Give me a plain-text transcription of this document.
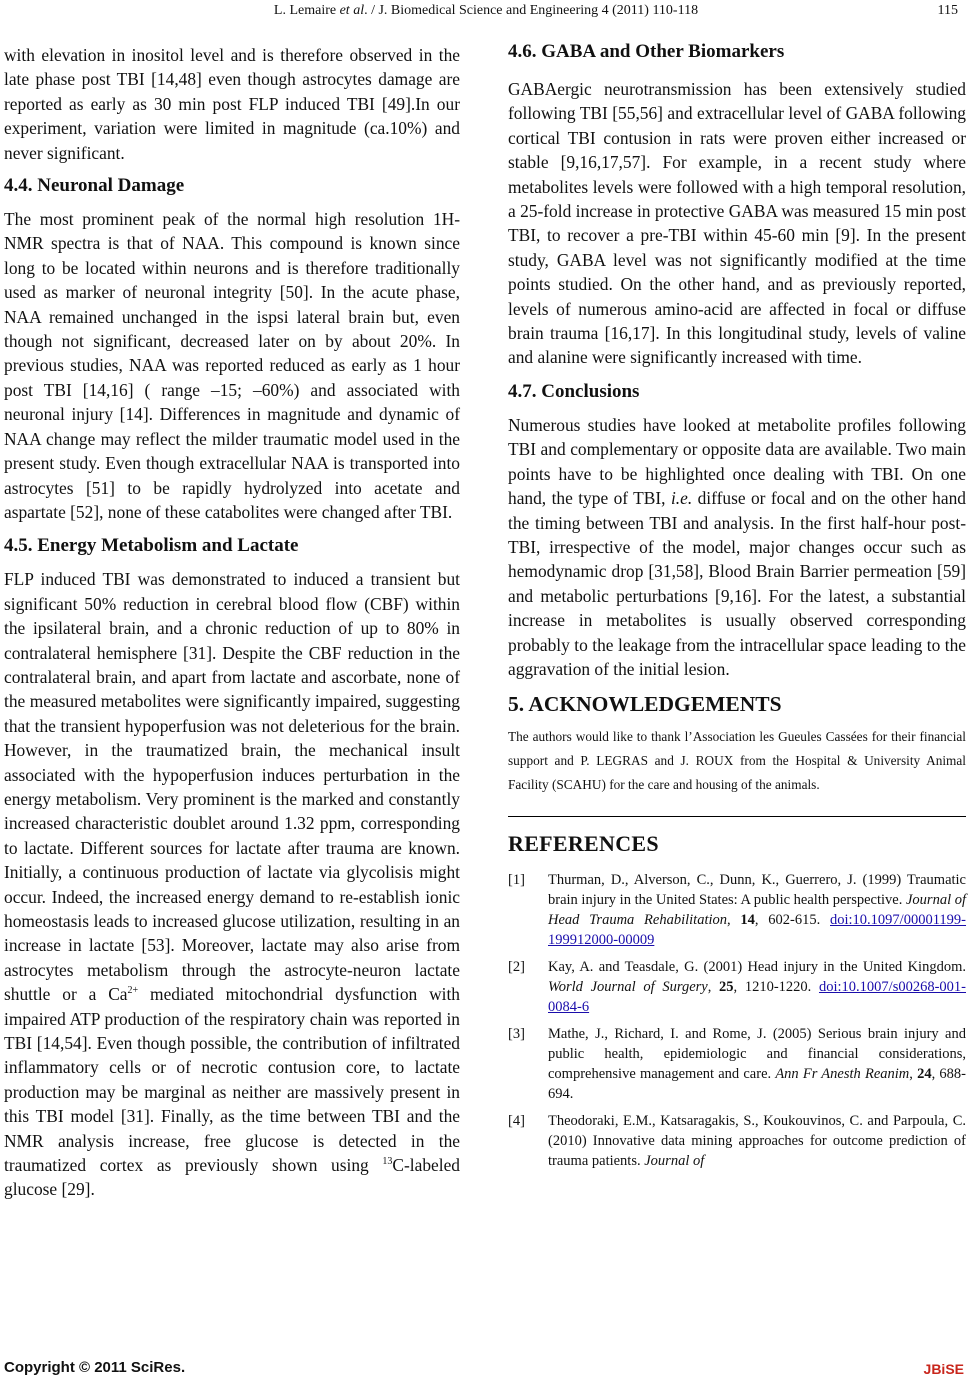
L. Lemaire et al. / J. Biomedical Science and Engineering 4 (2011) 110-118	115

with elevation in inositol level and is therefore observed in the late phase post TBI [14,48] even though astrocytes damage are reported as early as 30 min post FLP induced TBI [49].In our experiment, variation were limited in magnitude (ca.10%) and never significant.

4.4. Neuronal Damage

The most prominent peak of the normal high resolution 1H-NMR spectra is that of NAA. This compound is known since long to be located within neurons and is therefore traditionally used as marker of neuronal integrity [50]. In the acute phase, NAA remained unchanged in the ispsi lateral brain but, even though not significant, decreased later on by about 20%. In previous studies, NAA was reported reduced as early as 1 hour post TBI [14,16] ( range –15; –60%) and associated with neuronal injury [14]. Differences in magnitude and dynamic of NAA change may reflect the milder traumatic model used in the present study. Even though extracellular NAA is transported into astrocytes [51] to be rapidly hydrolyzed into acetate and aspartate [52], none of these catabolites were changed after TBI.

4.5. Energy Metabolism and Lactate

FLP induced TBI was demonstrated to induced a transient but significant 50% reduction in cerebral blood flow (CBF) within the ipsilateral brain, and a chronic reduction of up to 80% in contralateral hemisphere [31]. Despite the CBF reduction in the contralateral brain, and apart from lactate and ascorbate, none of the measured metabolites were significantly impaired, suggesting that the transient hypoperfusion was not deleterious for the brain. However, in the traumatized brain, the mechanical insult associated with the hypoperfusion induces perturbation in the energy metabolism. Very prominent is the marked and constantly increased characteristic doublet around 1.32 ppm, corresponding to lactate. Different sources for lactate after trauma are known. Initially, a continuous production of lactate via glycolisis might occur. Indeed, the increased energy demand to re-establish ionic homeostasis leads to increased glucose utilization, resulting in an increase in lactate [53]. Moreover, lactate may also arise from astrocytes metabolism through the astrocyte-neuron lactate shuttle or a $Ca^{2+}$ mediated mitochondrial dysfunction with impaired ATP production of the respiratory chain was reported in TBI [14,54]. Even though possible, the contribution of infiltrated inflammatory cells or of necrotic contusion core, to lactate production may be marginal as neither are massively present in this TBI model [31]. Finally, as the time between TBI and the NMR analysis increase, free glucose is detected in the traumatized cortex as previously shown using $^{13}$C-labeled glucose [29].

4.6. GABA and Other Biomarkers

GABAergic neurotransmission has been extensively studied following TBI [55,56] and extracellular level of GABA following cortical TBI contusion in rats were proven either increased or stable [9,16,17,57]. For example, in a recent study where metabolites levels were followed with a high temporal resolution, a 25-fold increase in protective GABA was measured 15 min post TBI, to recover a pre-TBI within 45-60 min [9]. In the present study, GABA level was not significantly modified at the time points studied. On the other hand, and as previously reported, levels of numerous amino-acid are affected in focal or diffuse brain trauma [16,17]. In this longitudinal study, levels of valine and alanine were significantly increased with time.

4.7. Conclusions

Numerous studies have looked at metabolite profiles following TBI and complementary or opposite data are available. Two main points have to be highlighted once dealing with TBI. On one hand, the type of TBI, i.e. diffuse or focal and on the other hand the timing between TBI and analysis. In the first half-hour post-TBI, irrespective of the model, major changes occur such as hemodynamic drop [31,58], Blood Brain Barrier permeation [59] and metabolic perturbations [9,16]. For the latest, a substantial increase in metabolites is usually observed corresponding probably to the leakage from the intracellular space leading to the aggravation of the initial lesion.

5. ACKNOWLEDGEMENTS

The authors would like to thank l’Association les Gueules Cassées for their financial support and P. LEGRAS and J. ROUX from the Hospital & University Animal Facility (SCAHU) for the care and housing of the animals.

REFERENCES
[1]	Thurman, D., Alverson, C., Dunn, K., Guerrero, J. (1999) Traumatic brain injury in the United States: A public health perspective. Journal of Head Trauma Rehabilitation, 14, 602-615. doi:10.1097/00001199-199912000-00009
[2]	Kay, A. and Teasdale, G. (2001) Head injury in the United Kingdom. World Journal of Surgery, 25, 1210-1220. doi:10.1007/s00268-001-0084-6
[3]	Mathe, J., Richard, I. and Rome, J. (2005) Serious brain injury and public health, epidemiologic and financial considerations, comprehensive management and care. Ann Fr Anesth Reanim, 24, 688-694.
[4]	Theodoraki, E.M., Katsaragakis, S., Koukouvinos, C. and Parpoula, C. (2010) Innovative data mining approaches for outcome prediction of trauma patients. Journal of
Copyright © 2011 SciRes.	JBiSE
